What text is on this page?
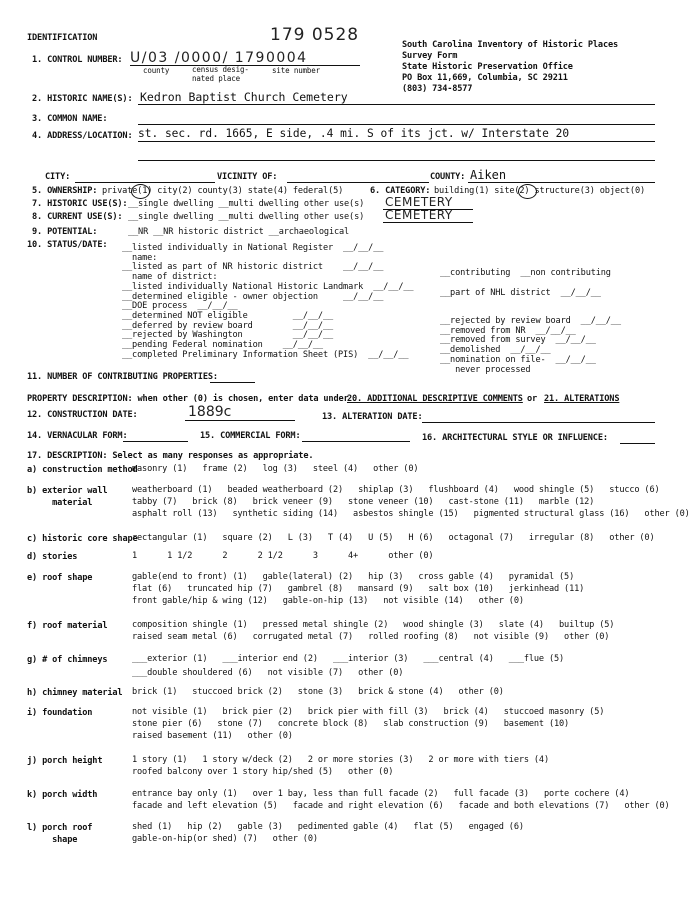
IDENTIFICATION	179 0528	South Carolina Inventory of Historic Places
Survey Form
State Historic Preservation Office
PO Box 11,669, Columbia, SC 29211
(803) 734-8577
1. CONTROL NUMBER: U/03 /0000/ 1790004
county	census desig-
nated place
site number
2. HISTORIC NAME(S): Kedron Baptist Church Cemetery
3. COMMON NAME:
4. ADDRESS/LOCATION: st. sec. rd. 1665, E side, .4 mi. S of its jct. w/ Interstate 20
CITY:	VICINITY OF:	COUNTY: Aiken
5. OWNERSHIP: private(1) city(2) county(3) state(4) federal(5)	6. CATEGORY: building(1) site(2) structure(3) object(0)
7. HISTORIC USE(S): __single dwelling __multi dwelling other use(s) CEMETERY
8. CURRENT USE(S): __single dwelling __multi dwelling other use(s) CEMETERY
9. POTENTIAL:	__NR __NR historic district __archaeological
10. STATUS/DATE: __listed individually in National Register  __/__/__
name:
__listed as part of NR historic district    __/__/__
name of district:
__listed individually National Historic Landmark  __/__/__
__determined eligible - owner objection     __/__/__
__DOE process  __/__/__
__determined NOT eligible         __/__/__
__deferred by review board        __/__/__
__rejected by Washington          __/__/__
__pending Federal nomination    __/__/__
__completed Preliminary Information Sheet (PIS)  __/__/__
__contributing  __non contributing
__part of NHL district  __/__/__
__rejected by review board  __/__/__
__removed from NR  __/__/__
__removed from survey  __/__/__
__demolished  __/__/__
__nomination on file-  __/__/__
never processed
11. NUMBER OF CONTRIBUTING PROPERTIES:
PROPERTY DESCRIPTION: when other (0) is chosen, enter data under
20. ADDITIONAL DESCRIPTIVE COMMENTS or 21. ALTERATIONS
12. CONSTRUCTION DATE:	1889c	13. ALTERATION DATE:
14. VERNACULAR FORM:	15. COMMERCIAL FORM:	16. ARCHITECTURAL STYLE OR INFLUENCE:
17. DESCRIPTION: Select as many responses as appropriate.
a) construction method
masonry (1)   frame (2)   log (3)   steel (4)   other (0)
b) exterior wall
material
weatherboard (1)   beaded weatherboard (2)   shiplap (3)   flushboard (4)   wood shingle (5)   stucco (6)
tabby (7)   brick (8)   brick veneer (9)   stone veneer (10)   cast-stone (11)   marble (12)
asphalt roll (13)   synthetic siding (14)   asbestos shingle (15)   pigmented structural glass (16)   other (0)
c) historic core shape
rectangular (1)   square (2)   L (3)   T (4)   U (5)   H (6)   octagonal (7)   irregular (8)   other (0)
d) stories	1      1 1/2      2      2 1/2      3      4+      other (0)
e) roof shape	gable(end to front) (1)   gable(lateral) (2)   hip (3)   cross gable (4)   pyramidal (5)
flat (6)   truncated hip (7)   gambrel (8)   mansard (9)   salt box (10)   jerkinhead (11)
front gable/hip & wing (12)   gable-on-hip (13)   not visible (14)   other (0)
f) roof material	composition shingle (1)   pressed metal shingle (2)   wood shingle (3)   slate (4)   builtup (5)
raised seam metal (6)   corrugated metal (7)   rolled roofing (8)   not visible (9)   other (0)
g) # of chimneys	___exterior (1)   ___interior end (2)   ___interior (3)   ___central (4)   ___flue (5)
___double shouldered (6)   not visible (7)   other (0)
h) chimney material brick (1)   stuccoed brick (2)   stone (3)   brick & stone (4)   other (0)
i) foundation	not visible (1)   brick pier (2)   brick pier with fill (3)   brick (4)   stuccoed masonry (5)
stone pier (6)   stone (7)   concrete block (8)   slab construction (9)   basement (10)
raised basement (11)   other (0)
j) porch height	1 story (1)   1 story w/deck (2)   2 or more stories (3)   2 or more with tiers (4)
roofed balcony over 1 story hip/shed (5)   other (0)
k) porch width	entrance bay only (1)   over 1 bay, less than full facade (2)   full facade (3)   porte cochere (4)
facade and left elevation (5)   facade and right elevation (6)   facade and both elevations (7)   other (0)
l) porch roof
shape
shed (1)   hip (2)   gable (3)   pedimented gable (4)   flat (5)   engaged (6)
gable-on-hip(or shed) (7)   other (0)
